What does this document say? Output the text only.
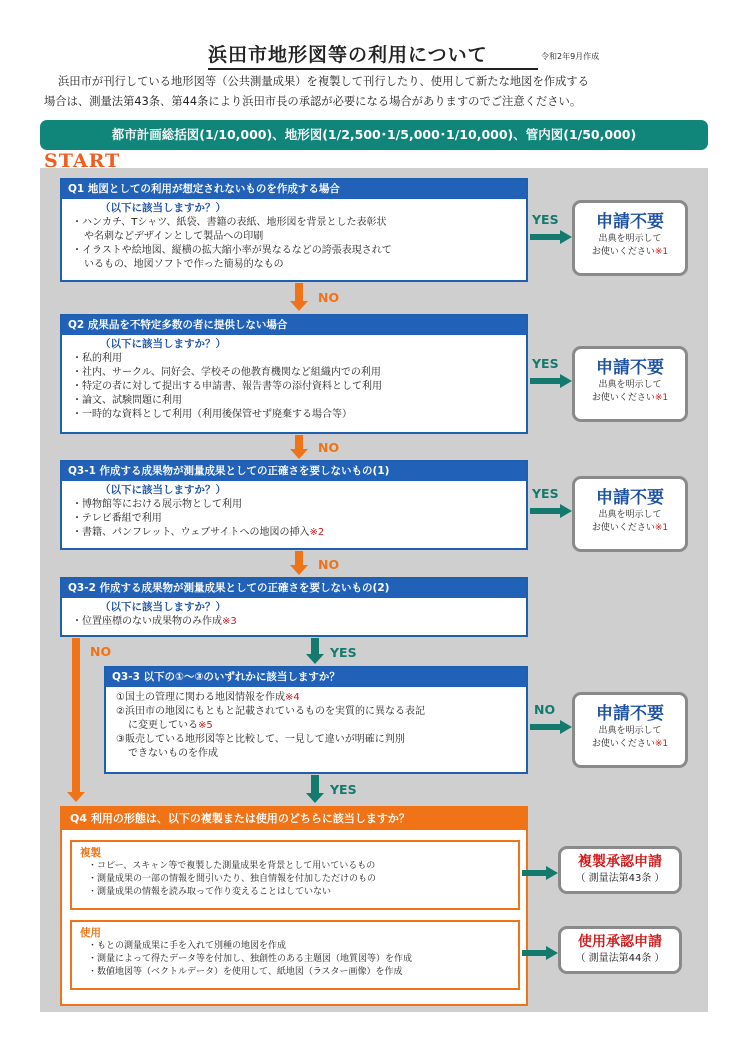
浜田市地形図等の利用について	令和2年9月作成

浜田市が刊行している地形図等（公共測量成果）を複製して刊行したり、使用して新たな地図を作成する

場合は、測量法第43条、第44条により浜田市長の承認が必要になる場合がありますのでご注意ください。

都市計画総括図(1/10,000)、地形図(1/2,500･1/5,000･1/10,000)、管内図(1/50,000)
START
Q1 地図としての利用が想定されないものを作成する場合
（以下に該当しますか？）
・ハンカチ、Tシャツ、紙袋、書籍の表紙、地形図を背景とした表彰状
や名刺などデザインとして製品への印刷
・イラストや絵地図、縦横の拡大縮小率が異なるなどの誇張表現されて
いるもの、地図ソフトで作った簡易的なもの
YES	申請不要
出典を明示して
お使いください※1
NO
Q2 成果品を不特定多数の者に提供しない場合
（以下に該当しますか？）
・私的利用
・社内、サークル、同好会、学校その他教育機関など組織内での利用
・特定の者に対して提出する申請書、報告書等の添付資料として利用
・論文、試験問題に利用
・一時的な資料として利用（利用後保管せず廃棄する場合等）
YES	申請不要
出典を明示して
お使いください※1
NO
Q3-1 作成する成果物が測量成果としての正確さを要しないもの(1)
（以下に該当しますか？）
・博物館等における展示物として利用
・テレビ番組で利用
・書籍、パンフレット、ウェブサイトへの地図の挿入※2
YES	申請不要
出典を明示して
お使いください※1
NO
Q3-2 作成する成果物が測量成果としての正確さを要しないもの(2)
（以下に該当しますか？）
・位置座標のない成果物のみ作成※3
NO	YES
Q3-3 以下の①～③のいずれかに該当しますか？
①国土の管理に関わる地図情報を作成※4
②浜田市の地図にもともと記載されているものを実質的に異なる表記
に変更している※5
③販売している地形図等と比較して、一見して違いが明確に判別
できないものを作成
NO	申請不要
出典を明示して
お使いください※1
YES
Q4 利用の形態は、以下の複製または使用のどちらに該当しますか？
複製
・コピー、スキャン等で複製した測量成果を背景として用いているもの
・測量成果の一部の情報を間引いたり、独自情報を付加しただけのもの
・測量成果の情報を読み取って作り変えることはしていない
使用
・もとの測量成果に手を入れて別種の地図を作成
・測量によって得たデータ等を付加し、独創性のある主題図（地質図等）を作成
・数値地図等（ベクトルデータ）を使用して、紙地図（ラスター画像）を作成
複製承認申請
（ 測量法第43条 ）
使用承認申請
（ 測量法第44条 ）
